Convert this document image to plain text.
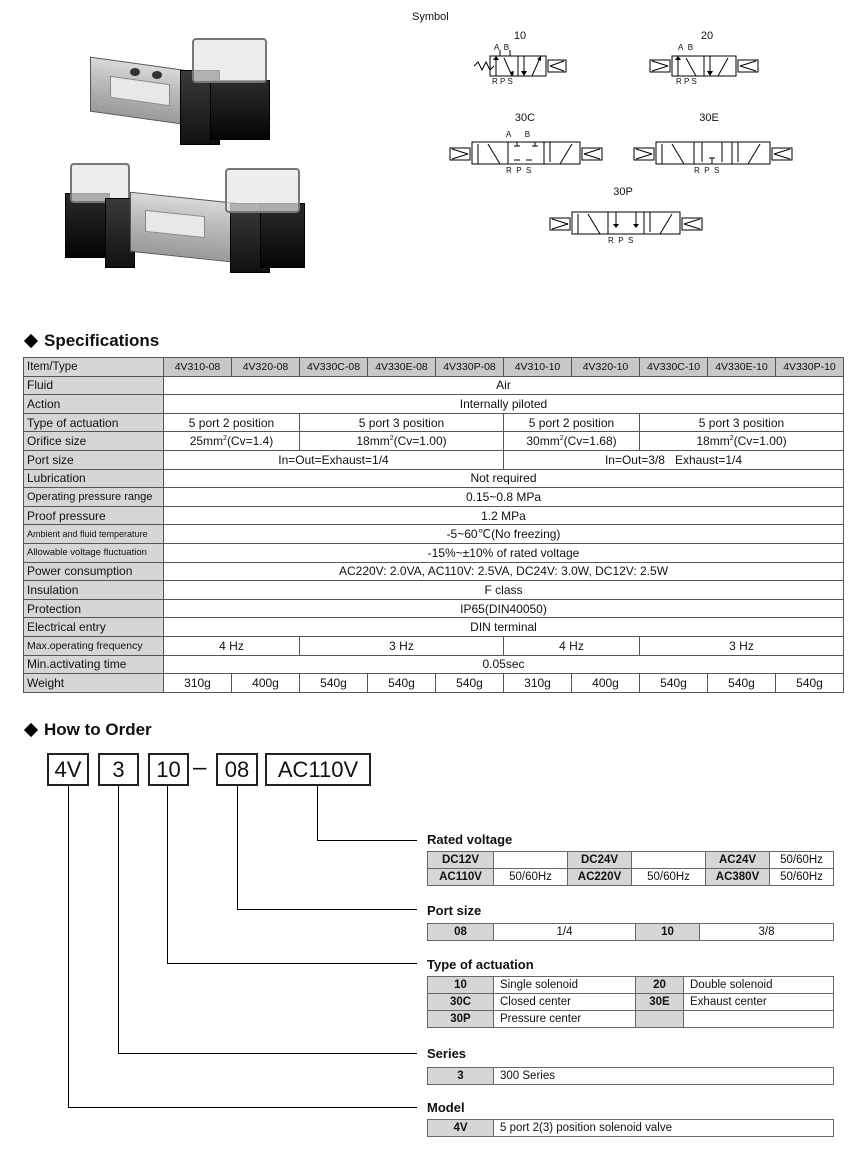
Symbol
10
A B
R P S
20
A B
R P S
30C
A B
R P S
30E
R P S
30P
R P S
Specifications
Item/Type	4V310-08	4V320-08	4V330C-08	4V330E-08	4V330P-08	4V310-10	4V320-10	4V330C-10	4V330E-10	4V330P-10
Fluid	Air									
Action	Internally piloted									
Type of actuation	5 port 2 position		5 port 3 position			5 port 2 position		5 port 3 position		
Orifice size	$25mm^2(Cv=1.4)$		$18mm^2(Cv=1.00)$			$30mm^2(Cv=1.68)$		$18mm^2(Cv=1.00)$		
Port size	In=Out=Exhaust=1/4					In=Out=3/8   Exhaust=1/4				
Lubrication	Not required									
Operating pressure range	0.15~0.8 MPa									
Proof pressure	1.2 MPa									
Ambient and fluid temperature	-5~60℃(No freezing)									
Allowable voltage fluctuation	-15%~±10% of rated voltage									
Power consumption	AC220V: 2.0VA, AC110V: 2.5VA, DC24V: 3.0W, DC12V: 2.5W									
Insulation	F class									
Protection	IP65(DIN40050)									
Electrical entry	DIN terminal									
Max.operating frequency	4 Hz		3 Hz			4 Hz		3 Hz		
Min.activating time	0.05sec									
Weight	310g	400g	540g	540g	540g	310g	400g	540g	540g	540g
How to Order
4V	3	10 – 08	AC110V
Rated voltage
DC12V		DC24V		AC24V	50/60Hz
AC110V	50/60Hz	AC220V	50/60Hz	AC380V	50/60Hz
Port size
08	1/4	10	3/8
Type of actuation
10	Single solenoid	20	Double solenoid
30C	Closed center	30E	Exhaust center
30P	Pressure center		
Series
3	300 Series
Model
4V	5 port 2(3) position solenoid valve
